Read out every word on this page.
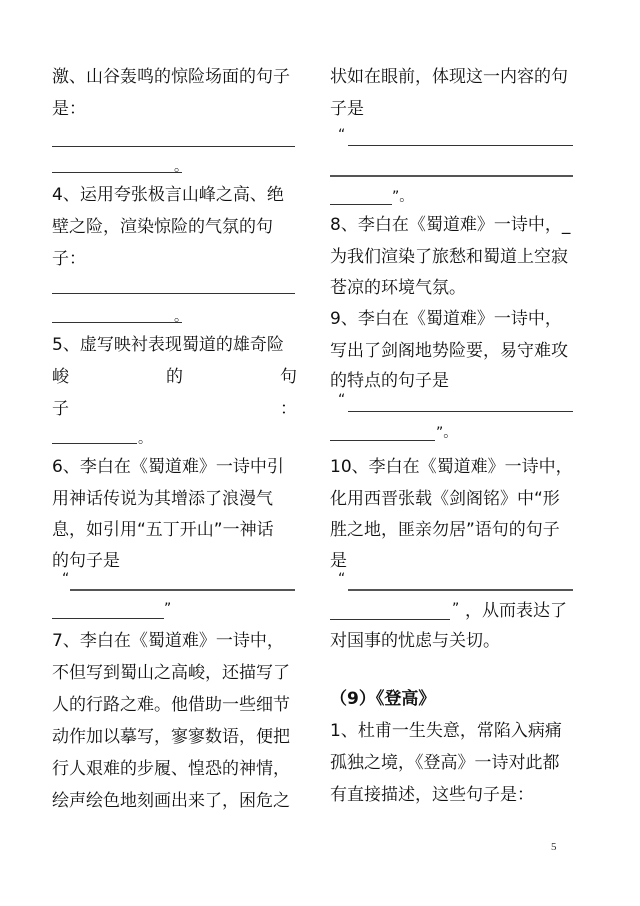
激、山谷轰鸣的惊险场面的句子
是：
。
4、运用夸张极言山峰之高、绝
壁之险，渲染惊险的气氛的句
子：
。
5、虚写映衬表现蜀道的雄奇险
峻	的	句
子	：
。
6、李白在《蜀道难》一诗中引
用神话传说为其增添了浪漫气
息，如引用“五丁开山”一神话
的句子是
“
”
7、李白在《蜀道难》一诗中，
不但写到蜀山之高峻，还描写了
人的行路之难。他借助一些细节
动作加以摹写，寥寥数语，便把
行人艰难的步履、惶恐的神情，
绘声绘色地刻画出来了，困危之
状如在眼前，体现这一内容的句
子是
“
”。
8、李白在《蜀道难》一诗中，_
为我们渲染了旅愁和蜀道上空寂
苍凉的环境气氛。
9、李白在《蜀道难》一诗中，
写出了剑阁地势险要，易守难攻
的特点的句子是
“
”。
10、李白在《蜀道难》一诗中，
化用西晋张载《剑阁铭》中“形
胜之地，匪亲勿居”语句的句子
是
“
” ，从而表达了
对国事的忧虑与关切。
（9）《登高》
1、杜甫一生失意，常陷入病痛
孤独之境，《登高》一诗对此都
有直接描述，这些句子是：
5
